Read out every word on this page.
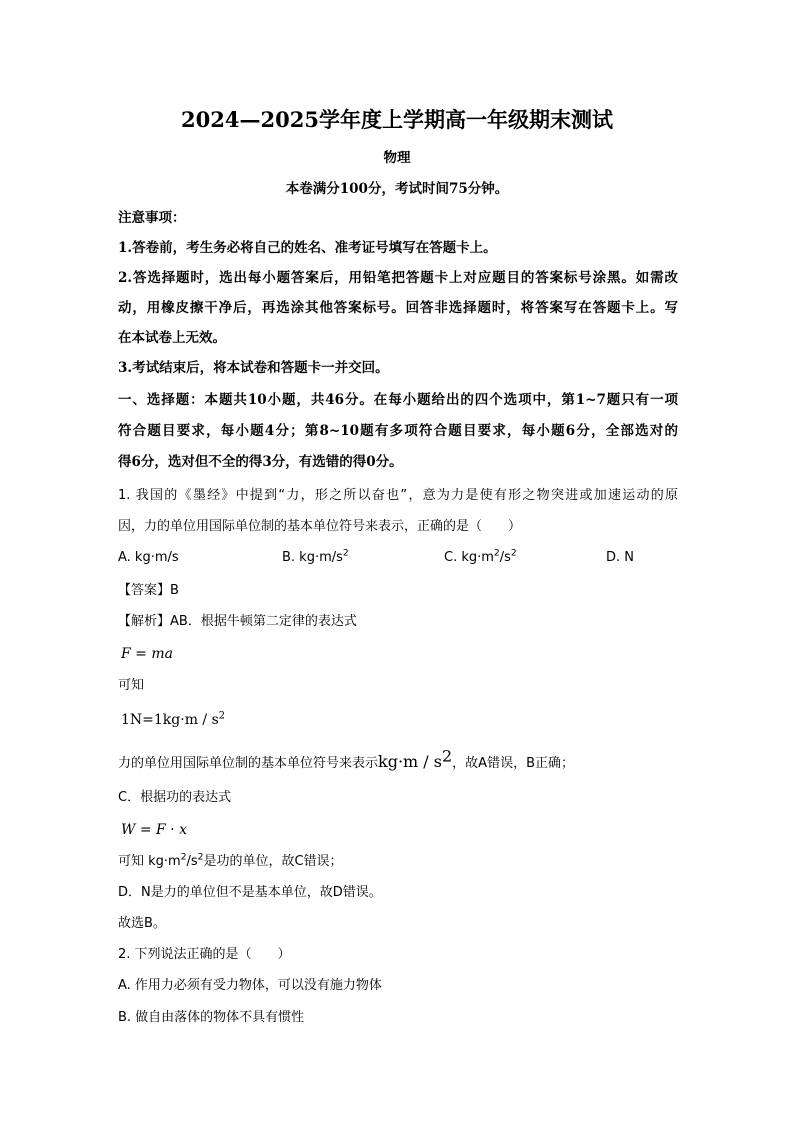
2024—2025学年度上学期高一年级期末测试
物理
本卷满分100分，考试时间75分钟。
注意事项：
1.答卷前，考生务必将自己的姓名、准考证号填写在答题卡上。
2.答选择题时，选出每小题答案后，用铅笔把答题卡上对应题目的答案标号涂黑。如需改
动，用橡皮擦干净后，再选涂其他答案标号。回答非选择题时，将答案写在答题卡上。写
在本试卷上无效。
3.考试结束后，将本试卷和答题卡一并交回。
一、选择题：本题共10小题，共46分。在每小题给出的四个选项中，第1~7题只有一项
符合题目要求，每小题4分；第8~10题有多项符合题目要求，每小题6分，全部选对的
得6分，选对但不全的得3分，有选错的得0分。
1. 我国的《墨经》中提到“力，形之所以奋也”，意为力是使有形之物突进或加速运动的原
因，力的单位用国际单位制的基本单位符号来表示，正确的是（　　）
A. kg·m/s	B. $kg\cdot m/s^2$	C. $kg\cdot m^2/s^2$	D. N
【答案】B
【解析】AB．根据牛顿第二定律的表达式
F = ma
可知
$1N=1kg\cdot m / s^2$
力的单位用国际单位制的基本单位符号来表示$kg\cdot m / s^2$，故A错误，B正确；
C．根据功的表达式
W = F · x
可知 $kg\cdot m^2/s^2$是功的单位，故C错误；
D．N是力的单位但不是基本单位，故D错误。
故选B。
2. 下列说法正确的是（　　）
A. 作用力必须有受力物体，可以没有施力物体
B. 做自由落体的物体不具有惯性
